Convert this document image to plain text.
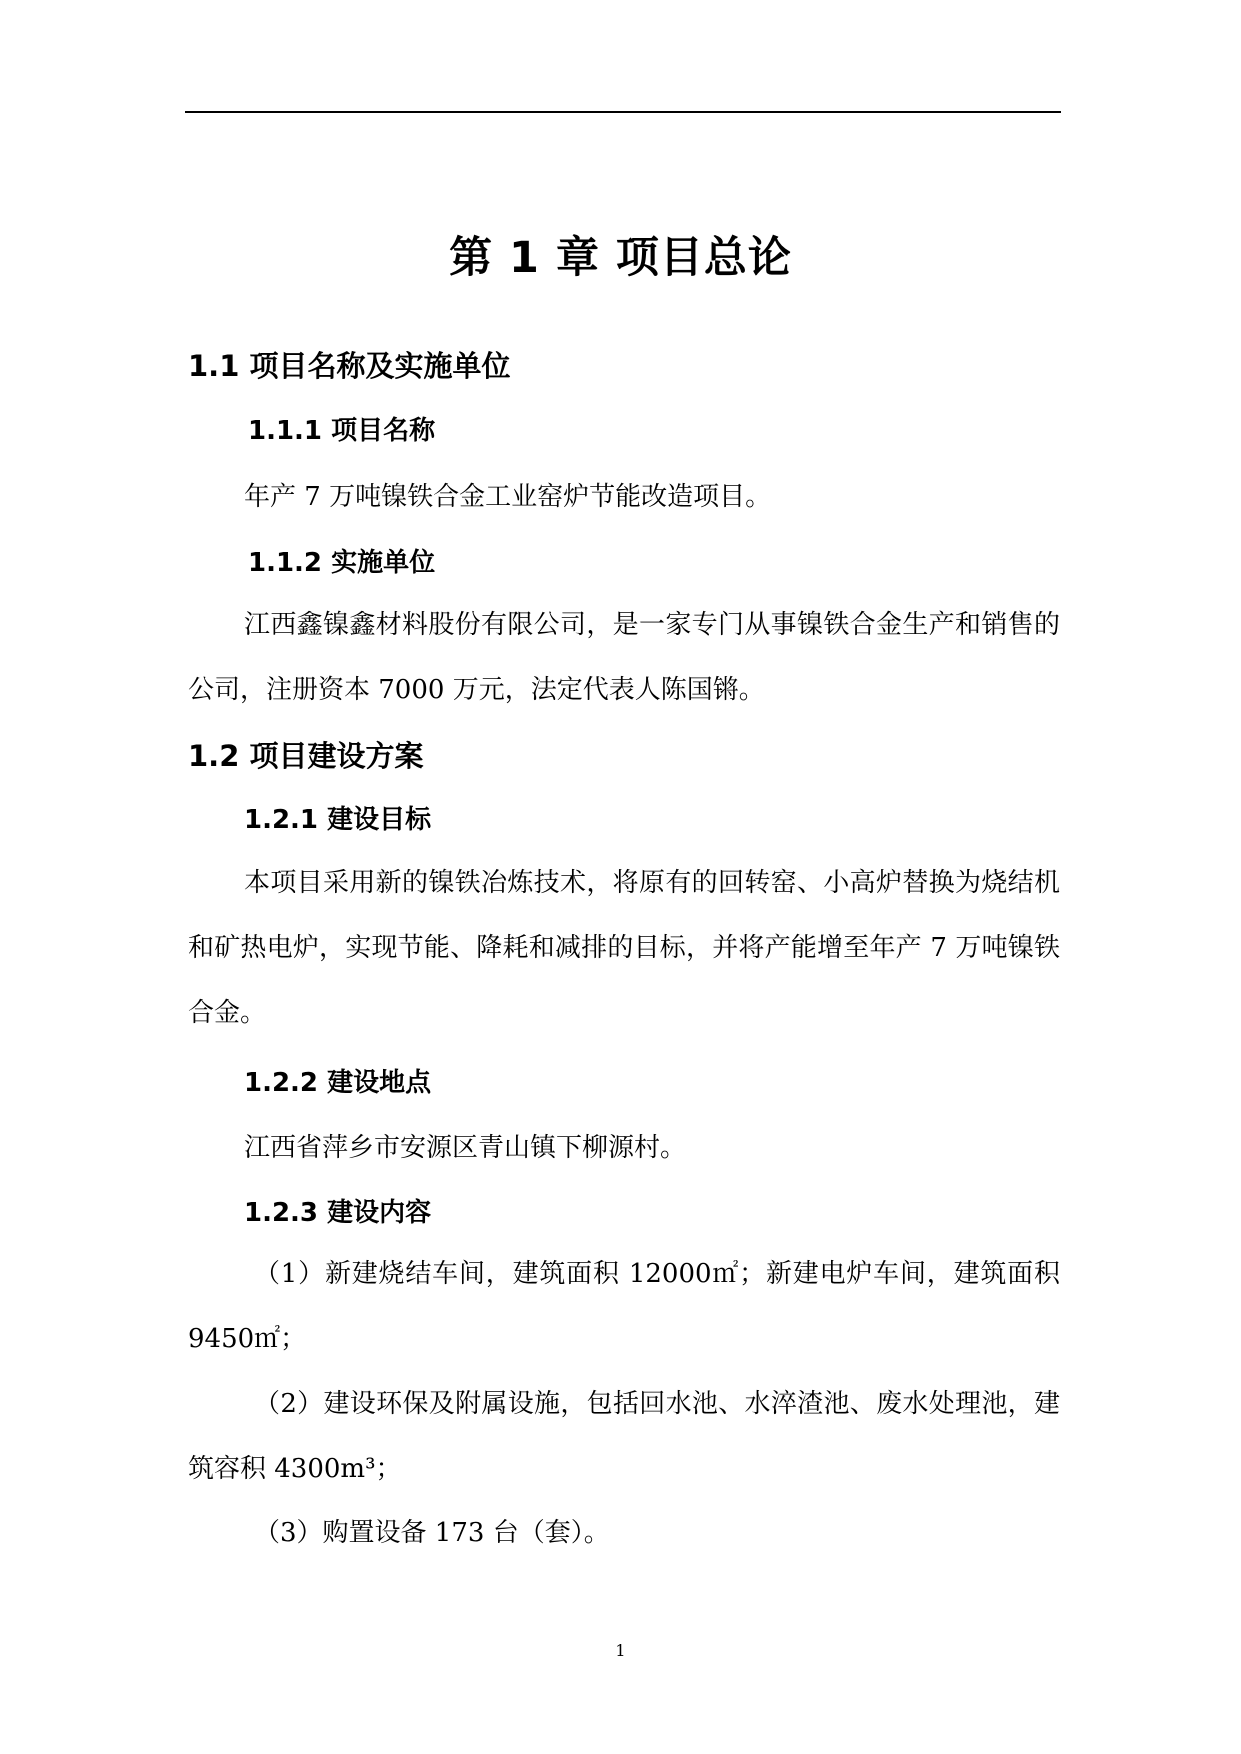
第 1 章 项目总论
1.1 项目名称及实施单位
1.1.1 项目名称
年产 7 万吨镍铁合金工业窑炉节能改造项目。
1.1.2 实施单位
江西鑫镍鑫材料股份有限公司，是一家专门从事镍铁合金生产和销售的公司，注册资本 7000 万元，法定代表人陈国锵。
1.2 项目建设方案
1.2.1 建设目标
本项目采用新的镍铁冶炼技术，将原有的回转窑、小高炉替换为烧结机和矿热电炉，实现节能、降耗和减排的目标，并将产能增至年产 7 万吨镍铁合金。
1.2.2 建设地点
江西省萍乡市安源区青山镇下柳源村。
1.2.3 建设内容
（1）新建烧结车间，建筑面积 12000㎡；新建电炉车间，建筑面积 9450㎡；
（2）建设环保及附属设施，包括回水池、水淬渣池、废水处理池，建筑容积 4300m³；
（3）购置设备 173 台（套）。
1
